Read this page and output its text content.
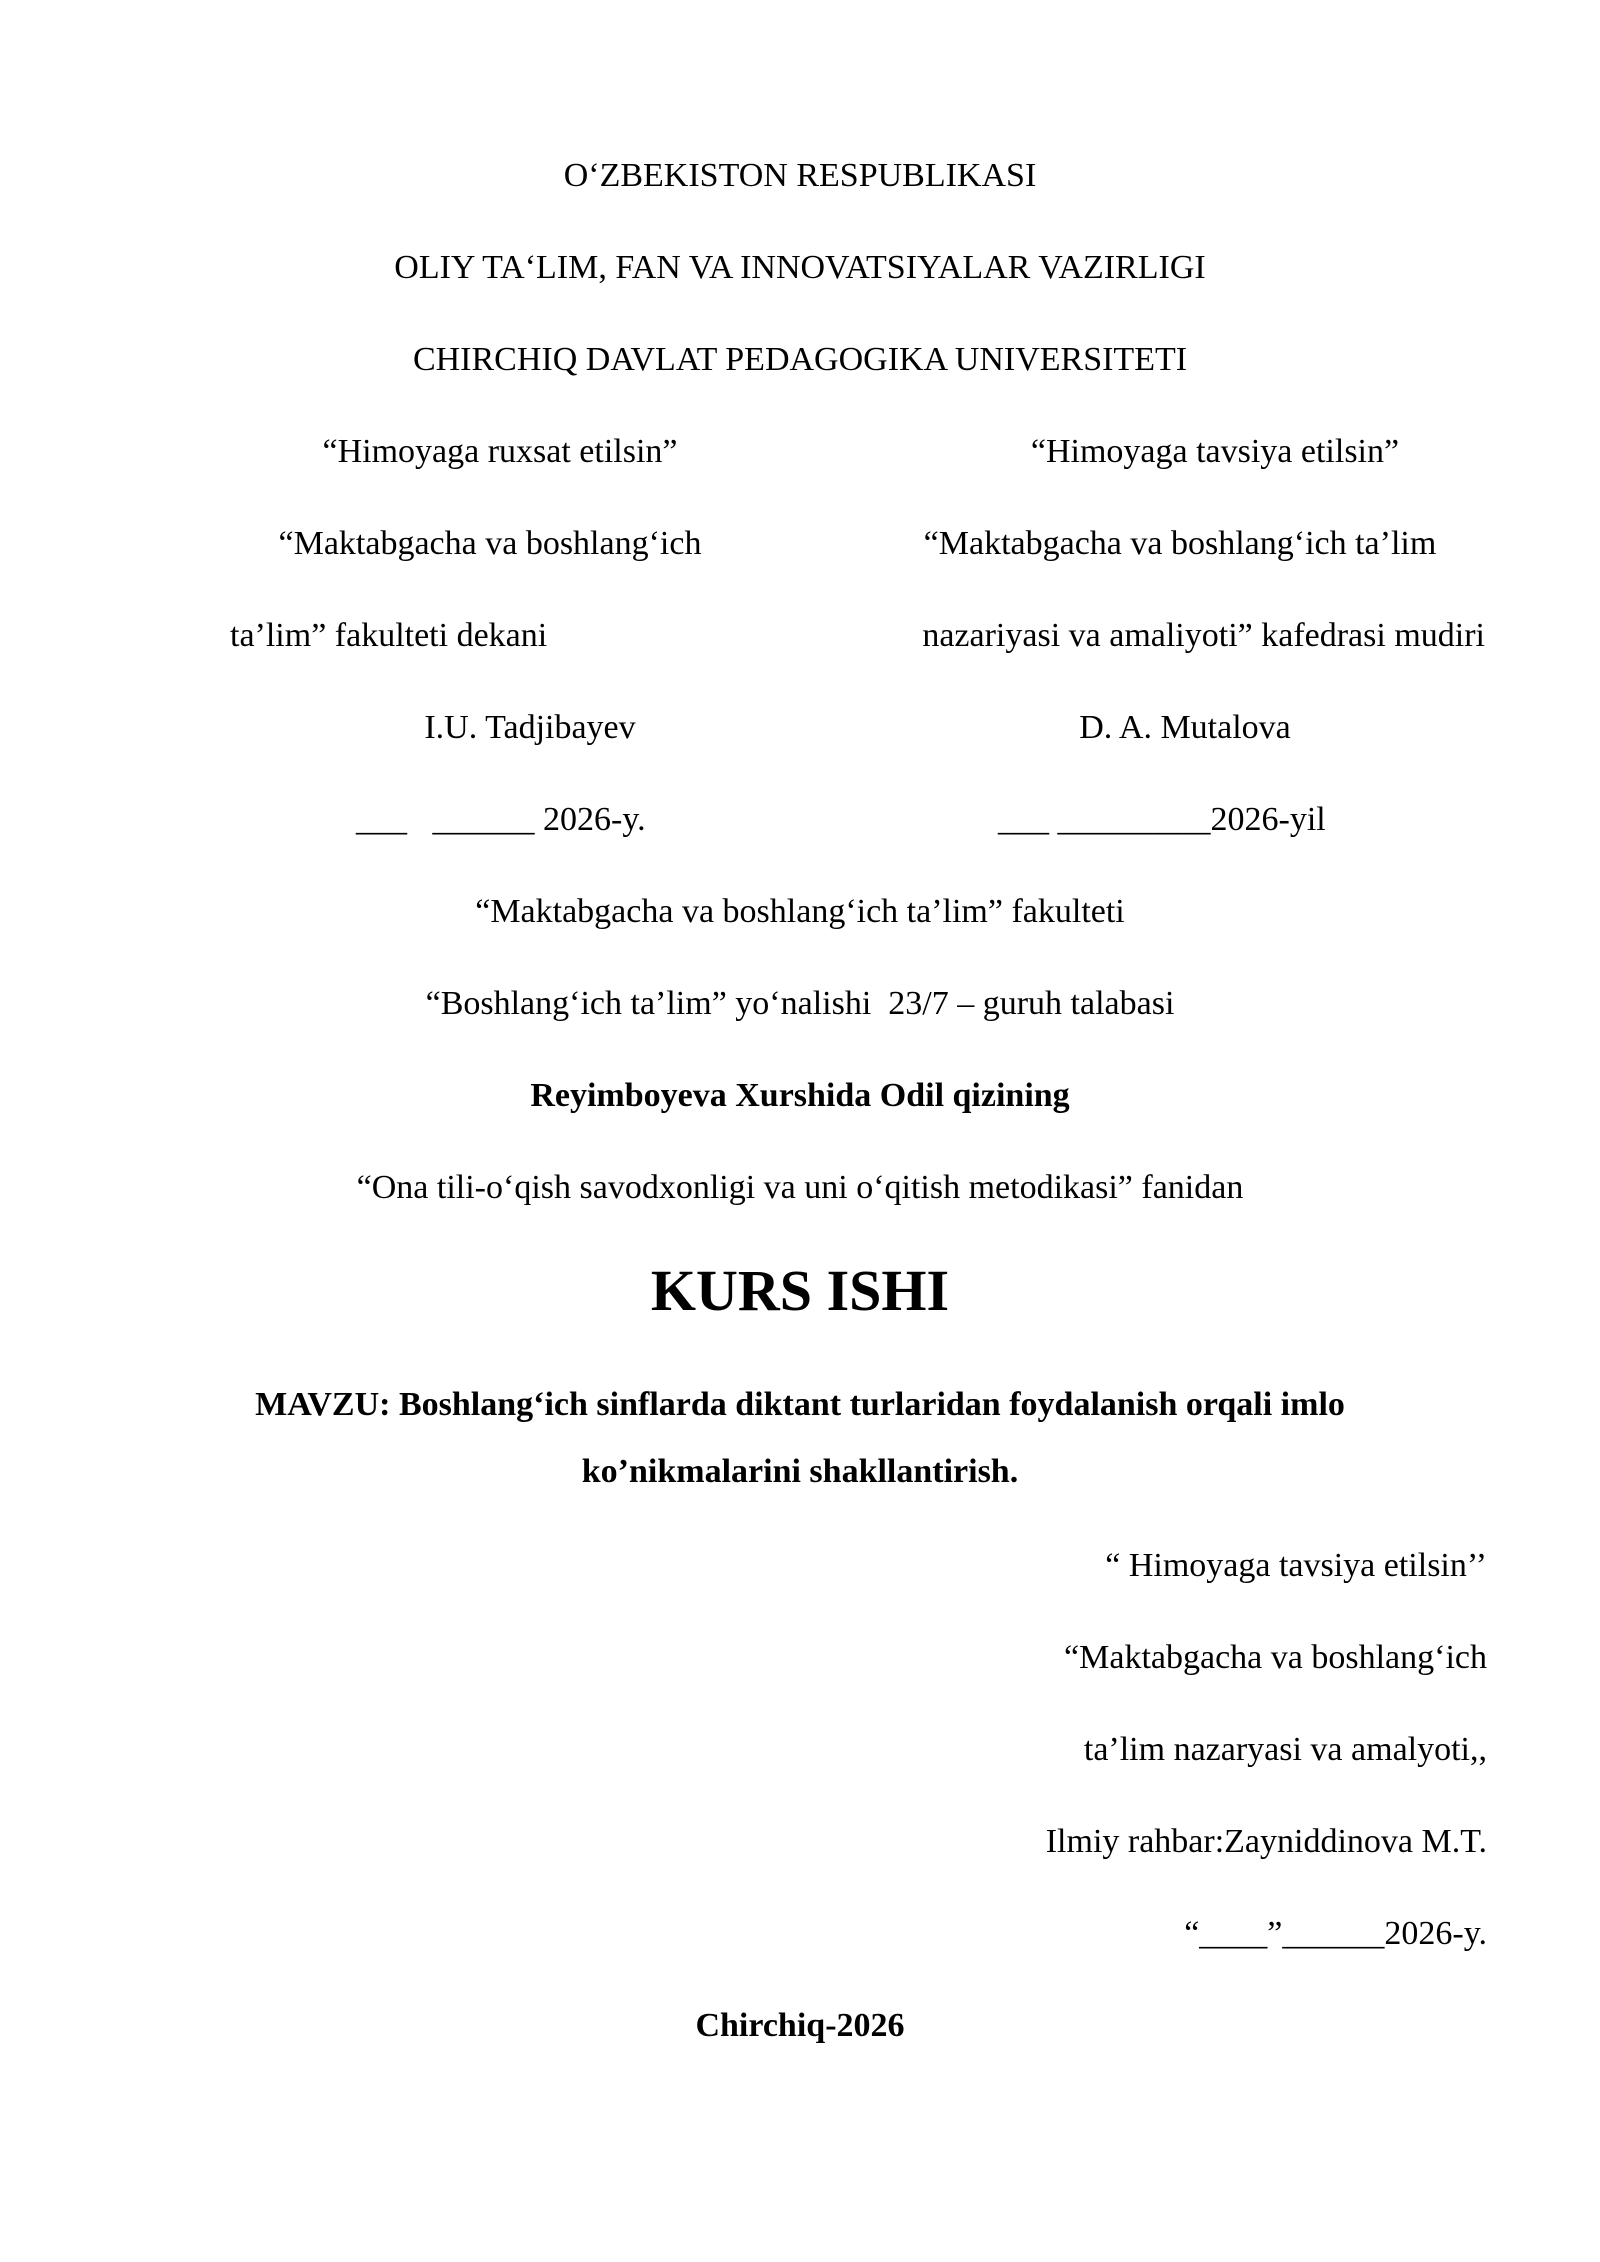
O‘ZBEKISTON RESPUBLIKASI
OLIY TA‘LIM, FAN VA INNOVATSIYALAR VAZIRLIGI
CHIRCHIQ DAVLAT PEDAGOGIKA UNIVERSITETI
“Himoyaga ruxsat etilsin”
“Maktabgacha va boshlang‘ich
ta’lim” fakulteti dekani
I.U. Tadjibayev
___   ______ 2026-y.
“Himoyaga tavsiya etilsin”
“Maktabgacha va boshlang‘ich ta’lim
nazariyasi va amaliyoti” kafedrasi mudiri
D. A. Mutalova
___ _________2026-yil
“Maktabgacha va boshlang‘ich ta’lim” fakulteti
“Boshlang‘ich ta’lim” yo‘nalishi  23/7 – guruh talabasi
Reyimboyeva Xurshida Odil qizining
“Ona tili-o‘qish savodxonligi va uni o‘qitish metodikasi” fanidan
KURS ISHI
MAVZU: Boshlang‘ich sinflarda diktant turlaridan foydalanish orqali imlo
ko’nikmalarini shakllantirish.
“ Himoyaga tavsiya etilsin’’
“Maktabgacha va boshlang‘ich
ta’lim nazaryasi va amalyoti,,
Ilmiy rahbar:Zayniddinova M.T.
“____”______2026-y.
Chirchiq-2026
